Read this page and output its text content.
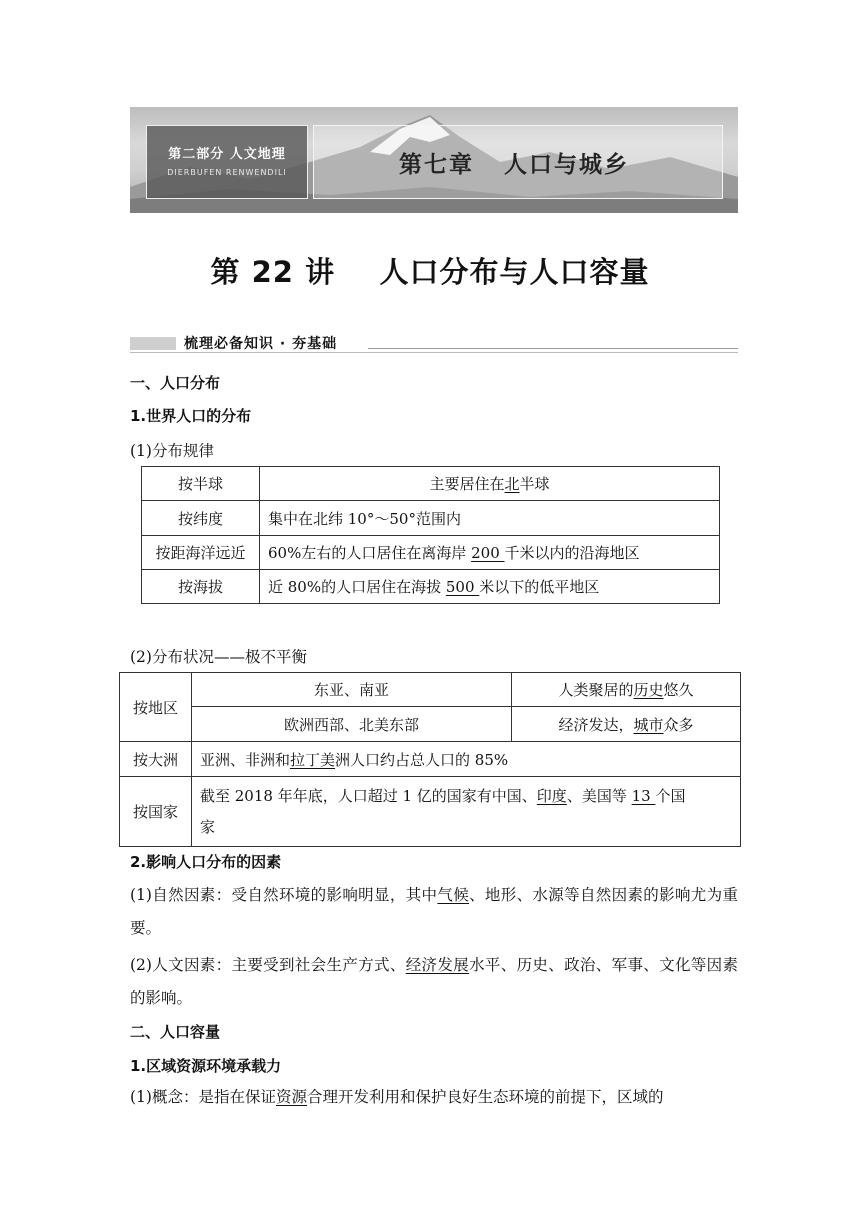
第二部分 人文地理
DIERBUFEN RENWENDILI	第七章   人口与城乡
第 22 讲    人口分布与人口容量
梳理必备知识 · 夯基础
一、人口分布
1.世界人口的分布
(1)分布规律
按半球	主要居住在北半球
按纬度	集中在北纬 10°～50°范围内
按距海洋远近	60%左右的人口居住在离海岸 200 千米以内的沿海地区
按海拔	近 80%的人口居住在海拔 500 米以下的低平地区
(2)分布状况——极不平衡
按地区	东亚、南亚	人类聚居的历史悠久
	欧洲西部、北美东部	经济发达，城市众多
按大洲	亚洲、非洲和拉丁美洲人口约占总人口的 85%	
按国家	截至 2018 年年底，人口超过 1 亿的国家有中国、印度、美国等 13 个国
家	
2.影响人口分布的因素
(1)自然因素：受自然环境的影响明显，其中气候、地形、水源等自然因素的影响尤为重要。
(2)人文因素：主要受到社会生产方式、经济发展水平、历史、政治、军事、文化等因素的影响。
二、人口容量
1.区域资源环境承载力
(1)概念：是指在保证资源合理开发利用和保护良好生态环境的前提下，区域的
